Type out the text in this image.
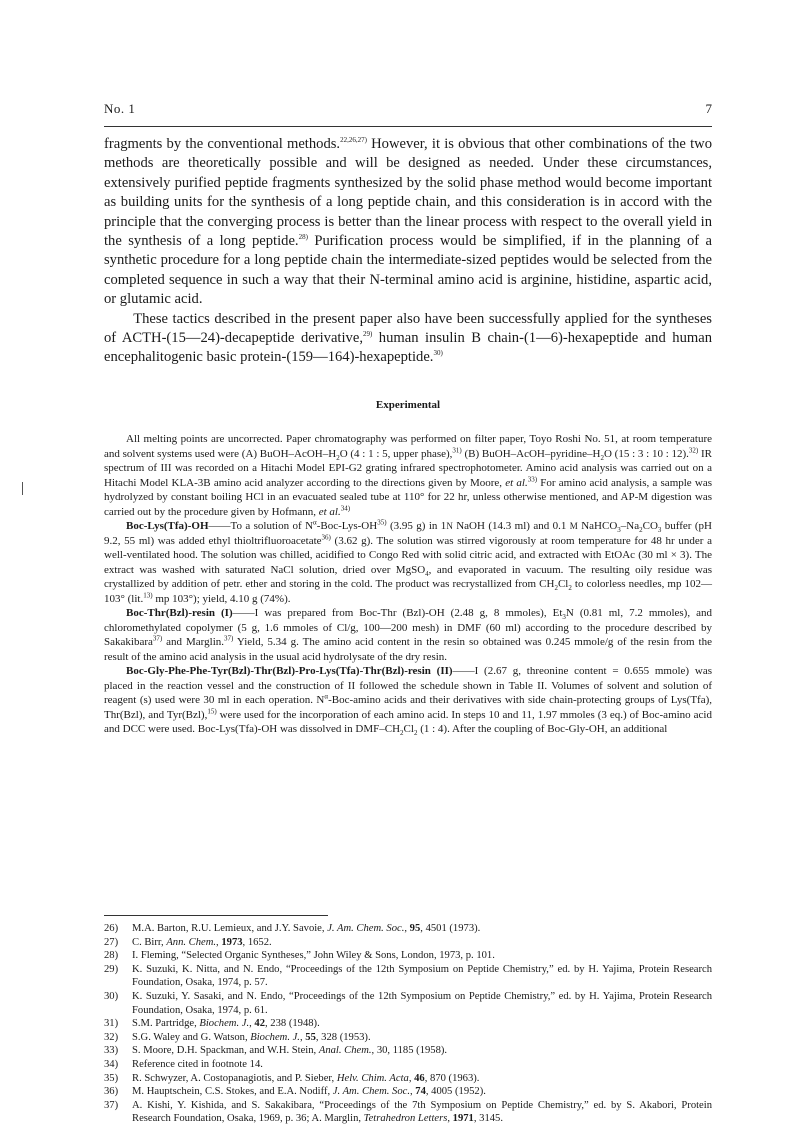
No. 1	7

fragments by the conventional methods.$^{22,26,27)}$ However, it is obvious that other combinations of the two methods are theoretically possible and will be designed as needed. Under these circumstances, extensively purified peptide fragments synthesized by the solid phase method would become important as building units for the synthesis of a long peptide chain, and this consideration is in accord with the principle that the converging process is better than the linear process with respect to the overall yield in the synthesis of a long peptide.$^{28)}$ Purification process would be simplified, if in the planning of a synthetic procedure for a long peptide chain the intermediate-sized peptides would be selected from the completed sequence in such a way that their N-terminal amino acid is arginine, histidine, aspartic acid, or glutamic acid.

These tactics described in the present paper also have been successfully applied for the syntheses of ACTH-(15—24)-decapeptide derivative,$^{29)}$ human insulin B chain-(1—6)-hexapeptide and human encephalitogenic basic protein-(159—164)-hexapeptide.$^{30)}$

Experimental

All melting points are uncorrected. Paper chromatography was performed on filter paper, Toyo Roshi No. 51, at room temperature and solvent systems used were (A) BuOH–$AcOH-H_2O$ (4 : 1 : 5, upper phase),$^{31)}$ (B) BuOH–$AcOH-pyridine-H_2O$ (15 : 3 : 10 : 12).$^{32)}$ IR spectrum of III was recorded on a Hitachi Model EPI-G2 grating infrared spectrophotometer. Amino acid analysis was carried out on a Hitachi Model KLA-3B amino acid analyzer according to the directions given by Moore, et al.$^{33)}$ For amino acid analysis, a sample was hydrolyzed by constant boiling HCl in an evacuated sealed tube at 110° for 22 hr, unless otherwise mentioned, and AP-M digestion was carried out by the procedure given by Hofmann, et al.$^{34)}$

Boc-Lys(Tfa)-OH——To a solution of $N^\alpha-Boc-Lys-OH^{35)}$ (3.95 g) in 1N NaOH (14.3 ml) and 0.1 M $NaHCO_3-Na_2CO_3$ buffer (pH 9.2, 55 ml) was added ethyl thioltrifluoroacetate$^{36)}$ (3.62 g). The solution was stirred vigorously at room temperature for 48 hr under a well-ventilated hood. The solution was chilled, acidified to Congo Red with solid citric acid, and extracted with EtOAc (30 ml × 3). The extract was washed with saturated NaCl solution, dried over MgSO$_4$, and evaporated in vacuum. The resulting oily residue was crystallized by addition of petr. ether and storing in the cold. The product was recrystallized from $CH_2Cl_2$ to colorless needles, mp 102—103° (lit.$^{13)}$ mp 103°); yield, 4.10 g (74%).

Boc-Thr(Bzl)-resin (I)——I was prepared from Boc-Thr (Bzl)-OH (2.48 g, 8 mmoles), $Et_3N$ (0.81 ml, 7.2 mmoles), and chloromethylated copolymer (5 g, 1.6 mmoles of Cl/g, 100—200 mesh) in DMF (60 ml) according to the procedure described by Sakakibara$^{37)}$ and Marglin.$^{37)}$ Yield, 5.34 g. The amino acid content in the resin so obtained was 0.245 mmole/g of the resin from the result of the amino acid analysis in the usual acid hydrolysate of the dry resin.

Boc-Gly-Phe-Phe-Tyr(Bzl)-Thr(Bzl)-Pro-Lys(Tfa)-Thr(Bzl)-resin (II)——I (2.67 g, threonine content = 0.655 mmole) was placed in the reaction vessel and the construction of II followed the schedule shown in Table II. Volumes of solvent and solution of reagent (s) used were 30 ml in each operation. $N^\alpha-Boc$-amino acids and their derivatives with side chain-protecting groups of Lys(Tfa), Thr(Bzl), and Tyr(Bzl),$^{15)}$ were used for the incorporation of each amino acid. In steps 10 and 11, 1.97 mmoles (3 eq.) of Boc-amino acid and DCC were used. Boc-Lys(Tfa)-OH was dissolved in DMF–$CH_2Cl_2$ (1 : 4). After the coupling of Boc-Gly-OH, an additional

26) M.A. Barton, R.U. Lemieux, and J.Y. Savoie, J. Am. Chem. Soc., 95, 4501 (1973).
27) C. Birr, Ann. Chem., 1973, 1652.
28) I. Fleming, “Selected Organic Syntheses,” John Wiley & Sons, London, 1973, p. 101.
29) K. Suzuki, K. Nitta, and N. Endo, “Proceedings of the 12th Symposium on Peptide Chemistry,” ed. by H. Yajima, Protein Research Foundation, Osaka, 1974, p. 57.
30) K. Suzuki, Y. Sasaki, and N. Endo, “Proceedings of the 12th Symposium on Peptide Chemistry,” ed. by H. Yajima, Protein Research Foundation, Osaka, 1974, p. 61.
31) S.M. Partridge, Biochem. J., 42, 238 (1948).
32) S.G. Waley and G. Watson, Biochem. J., 55, 328 (1953).
33) S. Moore, D.H. Spackman, and W.H. Stein, Anal. Chem., 30, 1185 (1958).
34) Reference cited in footnote 14.
35) R. Schwyzer, A. Costopanagiotis, and P. Sieber, Helv. Chim. Acta, 46, 870 (1963).
36) M. Hauptschein, C.S. Stokes, and E.A. Nodiff, J. Am. Chem. Soc., 74, 4005 (1952).
37) A. Kishi, Y. Kishida, and S. Sakakibara, “Proceedings of the 7th Symposium on Peptide Chemistry,” ed. by S. Akabori, Protein Research Foundation, Osaka, 1969, p. 36; A. Marglin, Tetrahedron Letters, 1971, 3145.
